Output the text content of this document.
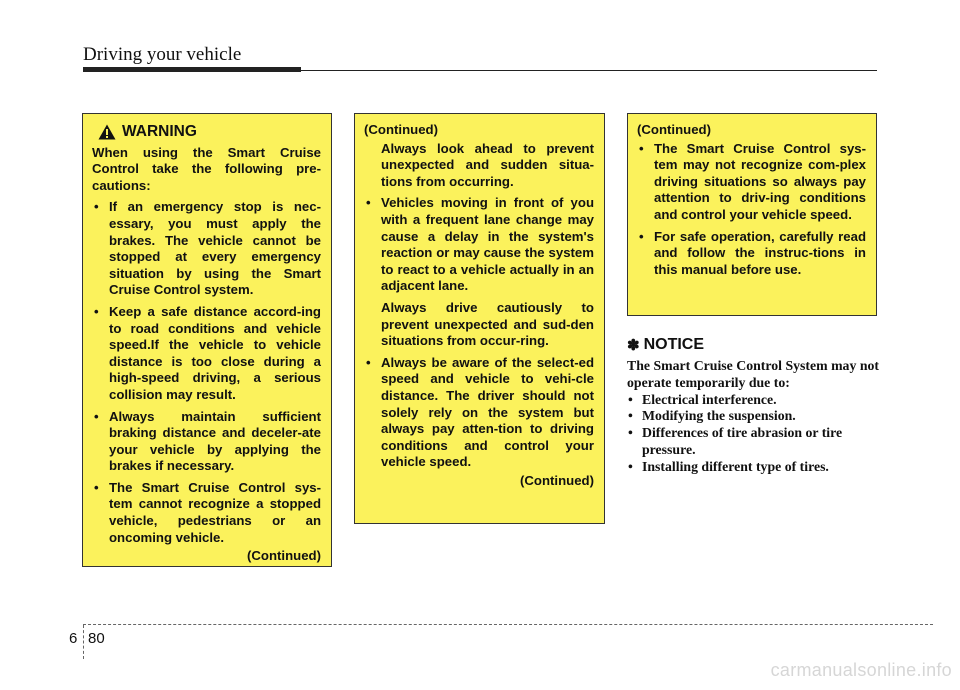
Driving your vehicle
WARNING
When using the Smart Cruise Control take the following pre-cautions:
• If an emergency stop is nec-essary, you must apply the brakes. The vehicle cannot be stopped at every emergency situation by using the Smart Cruise Control system.
• Keep a safe distance accord-ing to road conditions and vehicle speed.If the vehicle to vehicle distance is too close during a high-speed driving, a serious collision may result.
• Always maintain sufficient braking distance and deceler-ate your vehicle by applying the brakes if necessary.
• The Smart Cruise Control sys-tem cannot recognize a stopped vehicle, pedestrians or an oncoming vehicle.
(Continued)
(Continued)
Always look ahead to prevent unexpected and sudden situa-tions from occurring.
• Vehicles moving in front of you with a frequent lane change may cause a delay in the system's reaction or may cause the system to react to a vehicle actually in an adjacent lane.
Always drive cautiously to prevent unexpected and sud-den situations from occur-ring.
• Always be aware of the select-ed speed and vehicle to vehi-cle distance. The driver should not solely rely on the system but always pay atten-tion to driving conditions and control your vehicle speed.
(Continued)
(Continued)
• The Smart Cruise Control sys-tem may not recognize com-plex driving situations so always pay attention to driv-ing conditions and control your vehicle speed.
• For safe operation, carefully read and follow the instruc-tions in this manual before use.
✽ NOTICE
The Smart Cruise Control System may not operate temporarily due to:
• Electrical interference.
• Modifying the suspension.
• Differences of tire abrasion or tire pressure.
• Installing different type of tires.
6 80
carmanualsonline.info
